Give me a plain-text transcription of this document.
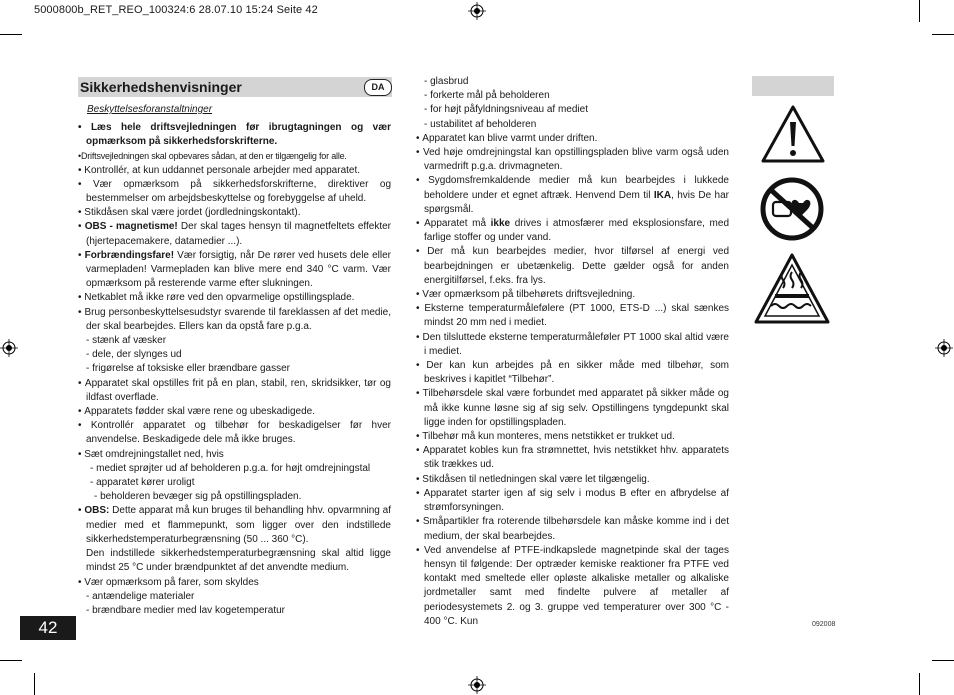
5000800b_RET_REO_100324:6 28.07.10 15:24 Seite 42
Sikkerhedshenvisninger	DA
Beskyttelsesforanstaltninger

• Læs hele driftsvejledningen før ibrugtagningen og vær opmærksom på sikkerhedsforskrifterne.

•Driftsvejledningen skal opbevares sådan, at den er tilgængelig for alle.

• Kontrollér, at kun uddannet personale arbejder med apparatet.

• Vær opmærksom på sikkerhedsforskrifterne, direktiver og bestemmelser om arbejdsbeskyttelse og forebyggelse af uheld.

• Stikdåsen skal være jordet (jordledningskontakt).

• OBS - magnetisme! Der skal tages hensyn til magnetfeltets effekter (hjertepacemakere, datamedier ...).

• Forbrændingsfare! Vær forsigtig, når De rører ved husets dele eller varmepladen! Varmepladen kan blive mere end 340 °C varm. Vær opmærksom på resterende varme efter slukningen.

• Netkablet må ikke røre ved den opvarmelige opstillingsplade.

• Brug personbeskyttelsesudstyr svarende til fareklassen af det medie, der skal bearbejdes. Ellers kan da opstå fare p.g.a.

- stænk af væsker

- dele, der slynges ud

- frigørelse af toksiske eller brændbare gasser

• Apparatet skal opstilles frit på en plan, stabil, ren, skridsikker, tør og ildfast overflade.

• Apparatets fødder skal være rene og ubeskadigede.

• Kontrollér apparatet og tilbehør for beskadigelser før hver anvendelse. Beskadigede dele må ikke bruges.

• Sæt omdrejningstallet ned, hvis

- mediet sprøjter ud af beholderen p.g.a. for højt omdrejningstal

- apparatet kører uroligt

- beholderen bevæger sig på opstillingspladen.

• OBS: Dette apparat må kun bruges til behandling hhv. opvarmning af medier med et flammepunkt, som ligger over den indstillede sikkerhedstemperaturbegrænsning (50 ... 360 °C).

Den indstillede sikkerhedstemperaturbegrænsning skal altid ligge mindst 25 °C under brændpunktet af det anvendte medium.

• Vær opmærksom på farer, som skyldes

- antændelige materialer

- brændbare medier med lav kogetemperatur

- glasbrud

- forkerte mål på beholderen

- for højt påfyldningsniveau af mediet

- ustabilitet af beholderen

• Apparatet kan blive varmt under driften.

• Ved høje omdrejningstal kan opstillingspladen blive varm også uden varmedrift p.g.a. drivmagneten.

• Sygdomsfremkaldende medier må kun bearbejdes i lukkede beholdere under et egnet aftræk. Henvend Dem til IKA, hvis De har spørgsmål.

• Apparatet må ikke drives i atmosfærer med eksplosionsfare, med farlige stoffer og under vand.

• Der må kun bearbejdes medier, hvor tilførsel af energi ved bearbejdningen er ubetænkelig. Dette gælder også for anden energitilførsel, f.eks. fra lys.

• Vær opmærksom på tilbehørets driftsvejledning.

• Eksterne temperaturmålefølere (PT 1000, ETS-D ...) skal sænkes mindst 20 mm ned i mediet.

• Den tilsluttede eksterne temperaturmåleføler PT 1000 skal altid være i mediet.

• Der kan kun arbejdes på en sikker måde med tilbehør, som beskrives i kapitlet “Tilbehør”.

• Tilbehørsdele skal være forbundet med apparatet på sikker måde og må ikke kunne løsne sig af sig selv. Opstillingens tyngdepunkt skal ligge inden for opstillingspladen.

• Tilbehør må kun monteres, mens netstikket er trukket ud.

• Apparatet kobles kun fra strømnettet, hvis netstikket hhv. apparatets stik trækkes ud.

• Stikdåsen til netledningen skal være let tilgængelig.

• Apparatet starter igen af sig selv i modus B efter en afbrydelse af strømforsyningen.

• Småpartikler fra roterende tilbehørsdele kan måske komme ind i det medium, der skal bearbejdes.

• Ved anvendelse af PTFE-indkapslede magnetpinde skal der tages hensyn til følgende: Der optræder kemiske reaktioner fra PTFE ved kontakt med smeltede eller opløste alkaliske metaller og alkaliske jordmetaller samt med findelte pulvere af metaller af periodesystemets 2. og 3. gruppe ved temperaturer over 300 °C - 400 °C. Kun

42	092008
